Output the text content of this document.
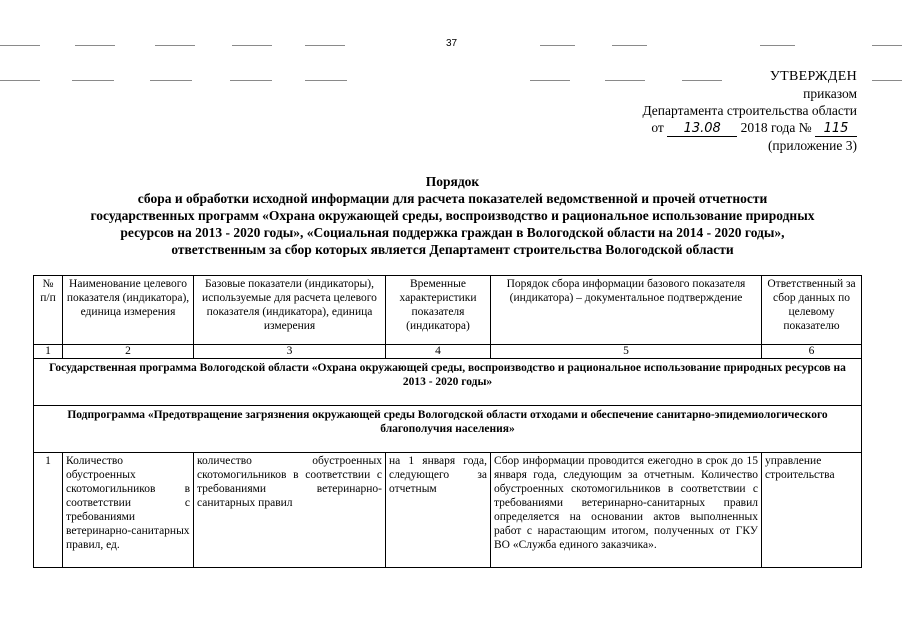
37
УТВЕРЖДЕН
приказом
Департамента строительства области
от 13.08 2018 года № 115
(приложение 3)
Порядок
сбора и обработки исходной информации для расчета показателей ведомственной и прочей отчетности
государственных программ «Охрана окружающей среды, воспроизводство и рациональное использование природных
ресурсов на 2013 - 2020 годы», «Социальная поддержка граждан в Вологодской области на 2014 - 2020 годы»,
ответственным за сбор которых является Департамент строительства Вологодской области
№ п/п	Наименование целевого показателя (индикатора), единица измерения	Базовые показатели (индикаторы), используемые для расчета целевого показателя (индикатора), единица измерения	Временные характеристики показателя (индикатора)	Порядок сбора информации базового показателя (индикатора) – документальное подтверждение	Ответственный за сбор данных по целевому показателю
1	2	3	4	5	6
Государственная программа Вологодской области «Охрана окружающей среды, воспроизводство и рациональное использование природных ресурсов на 2013 - 2020 годы»					
Подпрограмма «Предотвращение загрязнения окружающей среды Вологодской области отходами и обеспечение санитарно-эпидемиологического благополучия населения»					
1	Количество обустроенных скотомогильников в соответствии с требованиями ветеринарно-санитарных правил, ед.	количество обустроенных скотомогильников в соответствии с требованиями ветеринарно-санитарных правил	на 1 января года, следующего за отчетным	Сбор информации проводится ежегодно в срок до 15 января года, следующим за отчетным. Количество обустроенных скотомогильников в соответствии с требованиями ветеринарно-санитарных правил определяется на основании актов выполненных работ с нарастающим итогом, полученных от ГКУ ВО «Служба единого заказчика».	управление строительства
